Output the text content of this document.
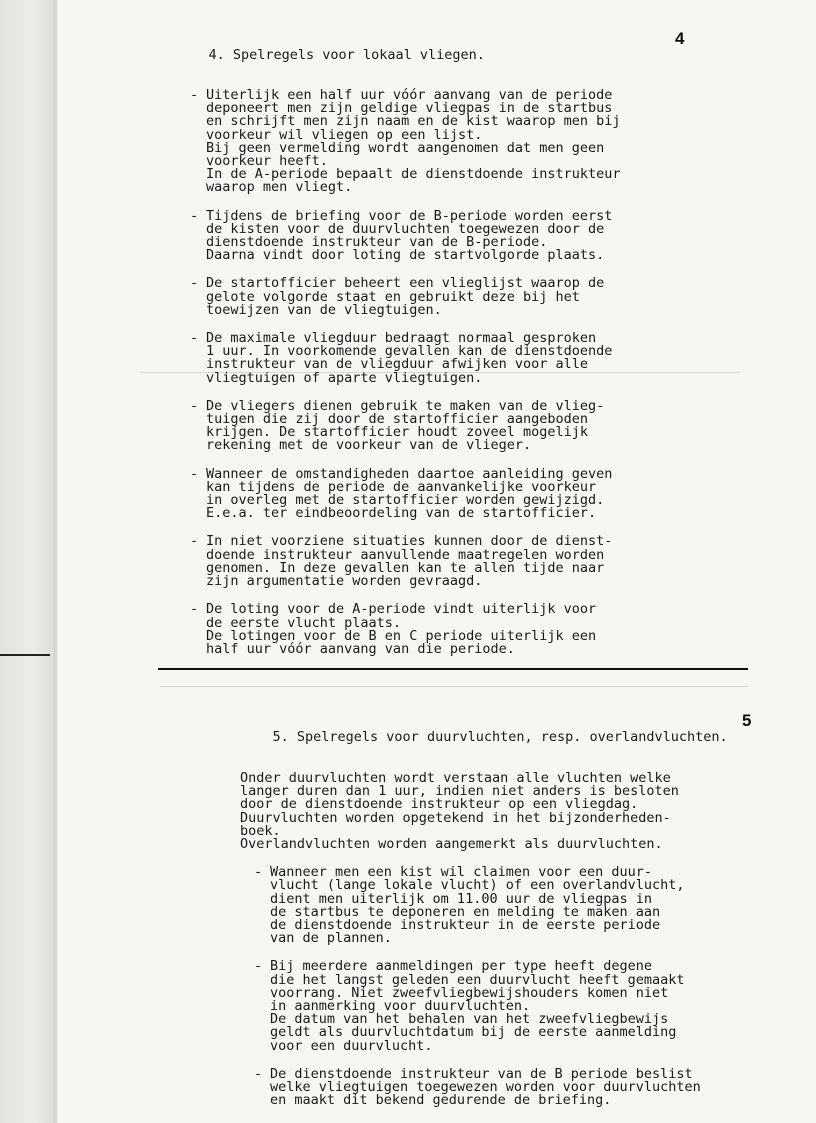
4. Spelregels voor lokaal vliegen.

- Uiterlijk een half uur vóór aanvang van de periode
deponeert men zijn geldige vliegpas in de startbus
en schrijft men zijn naam en de kist waarop men bij
voorkeur wil vliegen op een lijst.
Bij geen vermelding wordt aangenomen dat men geen
voorkeur heeft.
In de A-periode bepaalt de dienstdoende instrukteur
waarop men vliegt.
- Tijdens de briefing voor de B-periode worden eerst
de kisten voor de duurvluchten toegewezen door de
dienstdoende instrukteur van de B-periode.
Daarna vindt door loting de startvolgorde plaats.
- De startofficier beheert een vlieglijst waarop de
gelote volgorde staat en gebruikt deze bij het
toewijzen van de vliegtuigen.
- De maximale vliegduur bedraagt normaal gesproken
1 uur. In voorkomende gevallen kan de dienstdoende
instrukteur van de vliegduur afwijken voor alle
vliegtuigen of aparte vliegtuigen.
- De vliegers dienen gebruik te maken van de vlieg-
tuigen die zij door de startofficier aangeboden
krijgen. De startofficier houdt zoveel mogelijk
rekening met de voorkeur van de vlieger.
- Wanneer de omstandigheden daartoe aanleiding geven
kan tijdens de periode de aanvankelijke voorkeur
in overleg met de startofficier worden gewijzigd.
E.e.a. ter eindbeoordeling van de startofficier.
- In niet voorziene situaties kunnen door de dienst-
doende instrukteur aanvullende maatregelen worden
genomen. In deze gevallen kan te allen tijde naar
zijn argumentatie worden gevraagd.
- De loting voor de A-periode vindt uiterlijk voor
de eerste vlucht plaats.
De lotingen voor de B en C periode uiterlijk een
half uur vóór aanvang van die periode.
4

5. Spelregels voor duurvluchten, resp. overlandvluchten.

Onder duurvluchten wordt verstaan alle vluchten welke
langer duren dan 1 uur, indien niet anders is besloten
door de dienstdoende instrukteur op een vliegdag.
Duurvluchten worden opgetekend in het bijzonderheden-
boek.
Overlandvluchten worden aangemerkt als duurvluchten.
- Wanneer men een kist wil claimen voor een duur-
vlucht (lange lokale vlucht) of een overlandvlucht,
dient men uiterlijk om 11.00 uur de vliegpas in
de startbus te deponeren en melding te maken aan
de dienstdoende instrukteur in de eerste periode
van de plannen.
- Bij meerdere aanmeldingen per type heeft degene
die het langst geleden een duurvlucht heeft gemaakt
voorrang. Niet zweefvliegbewijshouders komen niet
in aanmerking voor duurvluchten.
De datum van het behalen van het zweefvliegbewijs
geldt als duurvluchtdatum bij de eerste aanmelding
voor een duurvlucht.
- De dienstdoende instrukteur van de B periode beslist
welke vliegtuigen toegewezen worden voor duurvluchten
en maakt dit bekend gedurende de briefing.
5
